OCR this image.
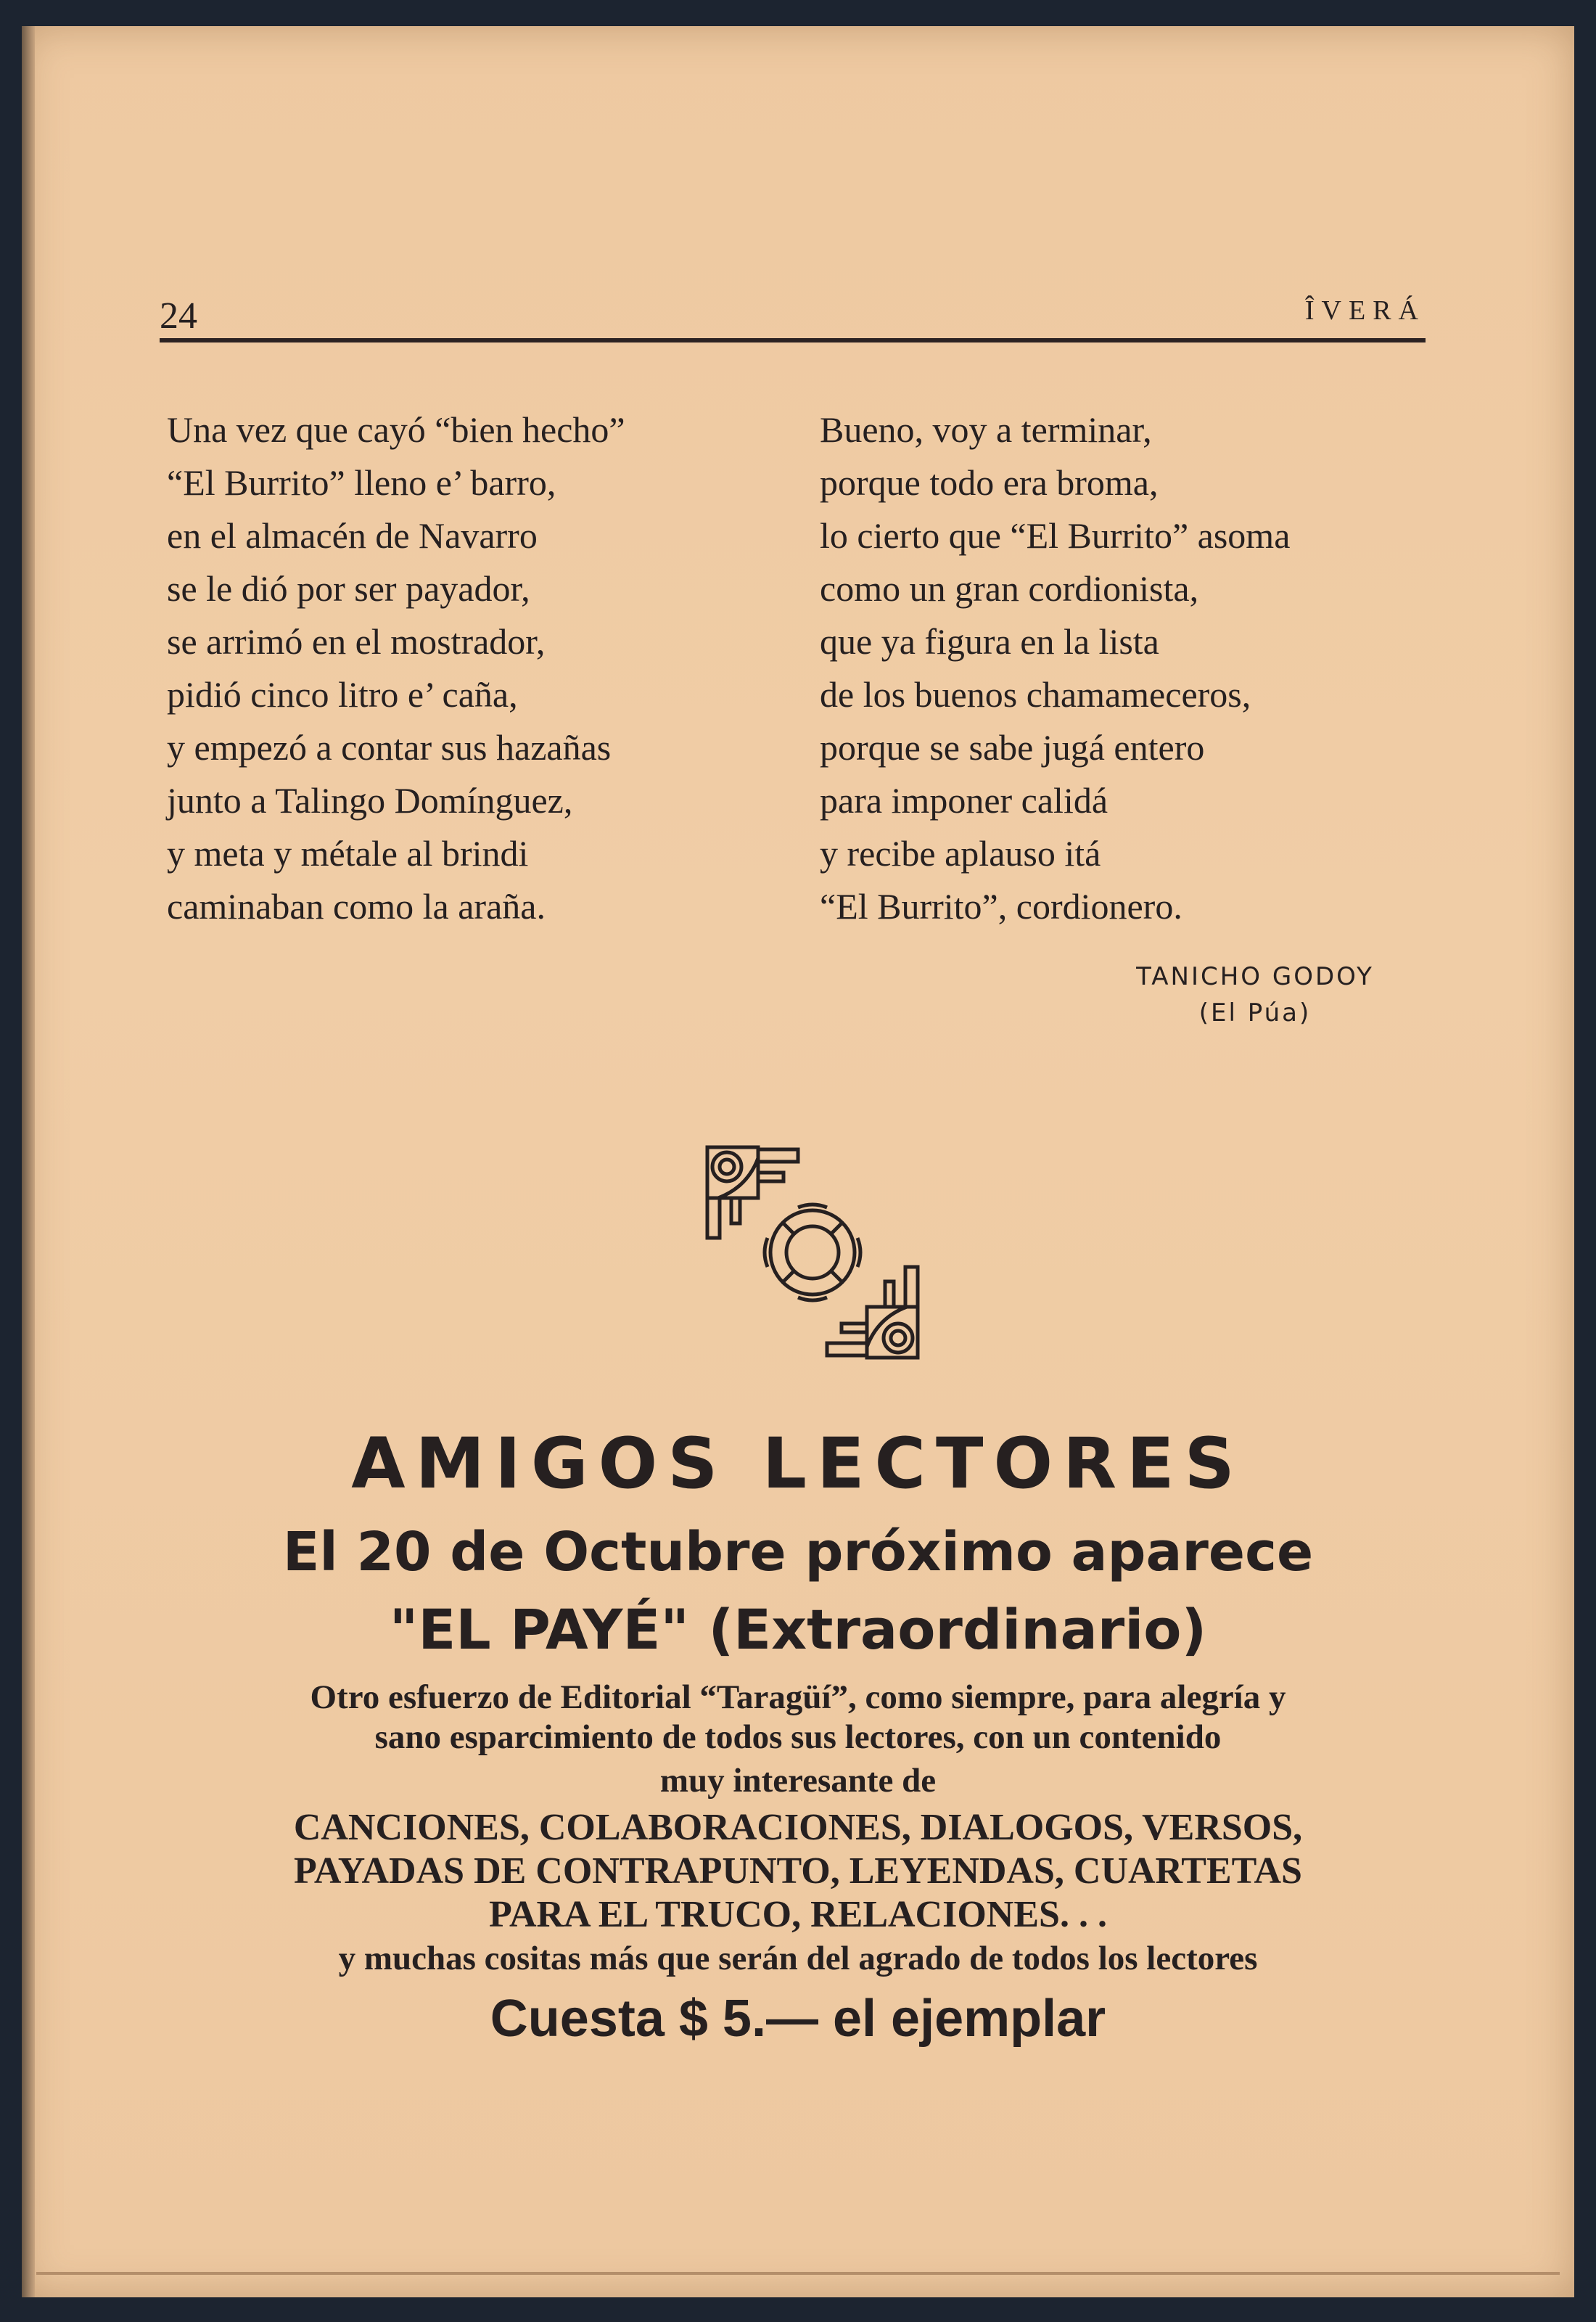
24	ÎVERÁ
Una vez que cayó “bien hecho”
“El Burrito” lleno e’ barro,
en el almacén de Navarro
se le dió por ser payador,
se arrimó en el mostrador,
pidió cinco litro e’ caña,
y empezó a contar sus hazañas
junto a Talingo Domínguez,
y meta y métale al brindi
caminaban como la araña.
Bueno, voy a terminar,
porque todo era broma,
lo cierto que “El Burrito” asoma
como un gran cordionista,
que ya figura en la lista
de los buenos chamameceros,
porque se sabe jugá entero
para imponer calidá
y recibe aplauso itá
“El Burrito”, cordionero.
TANICHO GODOY
(El Púa)
AMIGOS LECTORES
El 20 de Octubre próximo aparece
"EL PAYÉ" (Extraordinario)
Otro esfuerzo de Editorial “Taragüí”, como siempre, para alegría y
sano esparcimiento de todos sus lectores, con un contenido
muy interesante de
CANCIONES, COLABORACIONES, DIALOGOS, VERSOS,
PAYADAS DE CONTRAPUNTO, LEYENDAS, CUARTETAS
PARA EL TRUCO, RELACIONES. . .
y muchas cositas más que serán del agrado de todos los lectores
Cuesta $ 5.— el ejemplar
